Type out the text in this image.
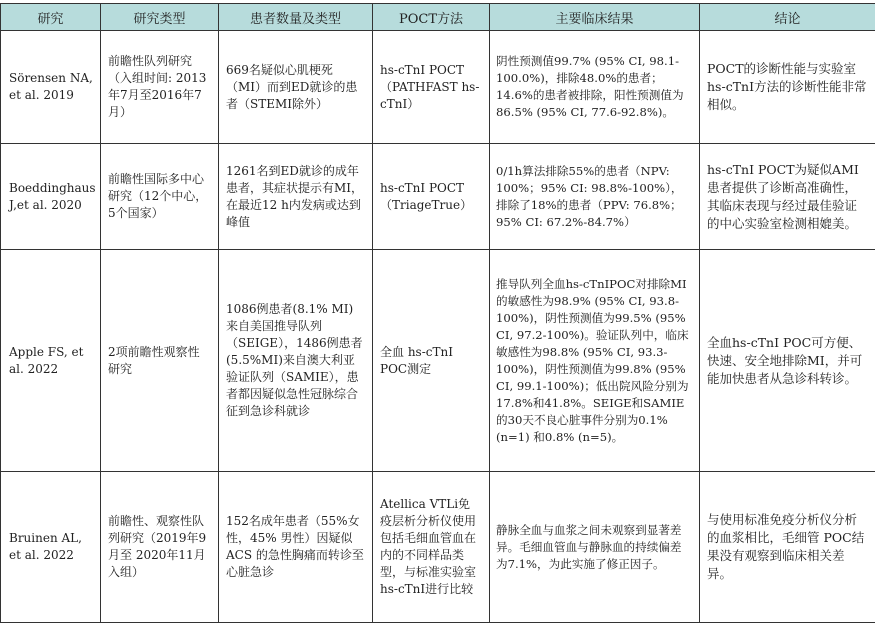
研究	研究类型	患者数量及类型	POCT方法	主要临床结果	结论
Sörensen NA, et al. 2019	前瞻性队列研究（入组时间: 2013年7月至2016年7月）	669名疑似心肌梗死（MI）而到ED就诊的患者（STEMI除外）	hs-cTnI POCT（PATHFAST hs-cTnI）	阴性预测值99.7% (95% CI, 98.1-100.0%)，排除48.0%的患者；14.6%的患者被排除，阳性预测值为86.5% (95% CI, 77.6-92.8%)。	POCT的诊断性能与实验室hs-cTnI方法的诊断性能非常相似。
Boeddinghaus J,et al. 2020	前瞻性国际多中心研究（12个中心，5个国家）	1261名到ED就诊的成年患者，其症状提示有MI，在最近12 h内发病或达到峰值	hs-cTnI POCT（TriageTrue）	0/1h算法排除55%的患者（NPV: 100%；95% CI: 98.8%-100%），排除了18%的患者（PPV: 76.8%；95% CI: 67.2%-84.7%）	hs-cTnI POCT为疑似AMI患者提供了诊断高准确性，其临床表现与经过最佳验证的中心实验室检测相媲美。
Apple FS, et al. 2022	2项前瞻性观察性研究	1086例患者(8.1% MI)来自美国推导队列（SEIGE），1486例患者(5.5%MI)来自澳大利亚验证队列（SAMIE），患者都因疑似急性冠脉综合征到急诊科就诊	全血 hs-cTnI POC测定	推导队列全血hs-cTnIPOC对排除MI的敏感性为98.9% (95% CI, 93.8-100%)，阴性预测值为99.5% (95% CI, 97.2-100%)。验证队列中，临床敏感性为98.8% (95% CI, 93.3-100%)，阴性预测值为99.8% (95% CI, 99.1-100%)；低出院风险分别为17.8%和41.8%。SEIGE和SAMIE的30天不良心脏事件分别为0.1% (n=1) 和0.8% (n=5)。	全血hs-cTnI POC可方便、快速、安全地排除MI，并可能加快患者从急诊科转诊。
Bruinen AL, et al. 2022	前瞻性、观察性队列研究（2019年9月至 2020年11月入组）	152名成年患者（55%女性，45% 男性）因疑似 ACS 的急性胸痛而转诊至心脏急诊	Atellica VTLi免疫层析分析仪使用包括毛细血管血在内的不同样品类型，与标准实验室 hs-cTnI进行比较	静脉全血与血浆之间未观察到显著差异。毛细血管血与静脉血的持续偏差为7.1%，为此实施了修正因子。	与使用标准免疫分析仪分析的血浆相比，毛细管 POC结果没有观察到临床相关差异。
